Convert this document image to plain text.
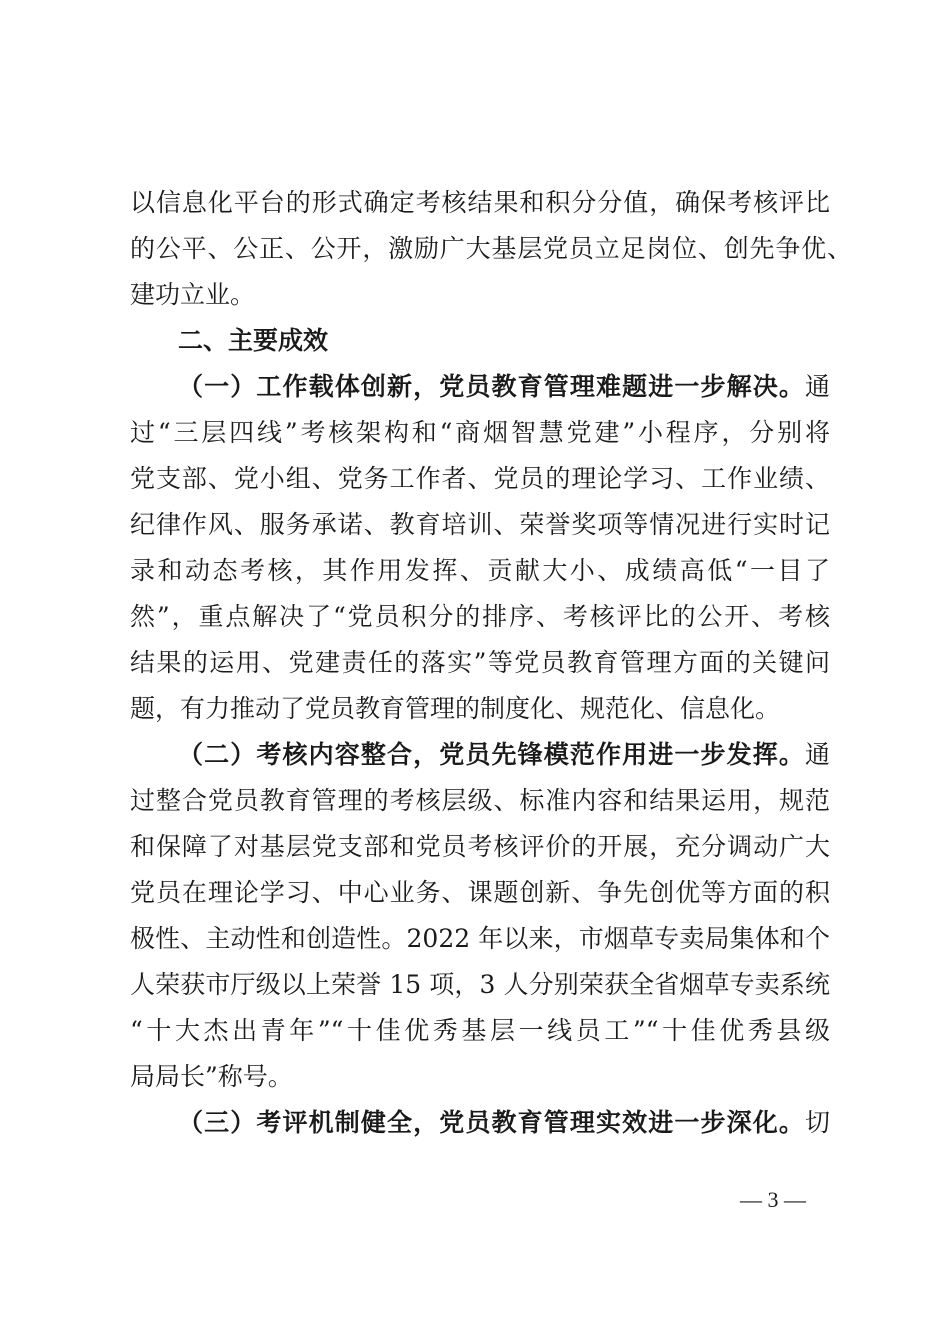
以信息化平台的形式确定考核结果和积分分值，确保考核评比
的公平、公正、公开，激励广大基层党员立足岗位、创先争优、
建功立业。
二、主要成效
（一）工作载体创新，党员教育管理难题进一步解决。通
过“三层四线”考核架构和“商烟智慧党建”小程序，分别将
党支部、党小组、党务工作者、党员的理论学习、工作业绩、
纪律作风、服务承诺、教育培训、荣誉奖项等情况进行实时记
录和动态考核，其作用发挥、贡献大小、成绩高低“一目了
然”，重点解决了“党员积分的排序、考核评比的公开、考核
结果的运用、党建责任的落实”等党员教育管理方面的关键问
题，有力推动了党员教育管理的制度化、规范化、信息化。
（二）考核内容整合，党员先锋模范作用进一步发挥。通
过整合党员教育管理的考核层级、标准内容和结果运用，规范
和保障了对基层党支部和党员考核评价的开展，充分调动广大
党员在理论学习、中心业务、课题创新、争先创优等方面的积
极性、主动性和创造性。2022 年以来，市烟草专卖局集体和个
人荣获市厅级以上荣誉 15 项，3 人分别荣获全省烟草专卖系统
“十大杰出青年”“十佳优秀基层一线员工”“十佳优秀县级
局局长”称号。
（三）考评机制健全，党员教育管理实效进一步深化。切
— 3 —
